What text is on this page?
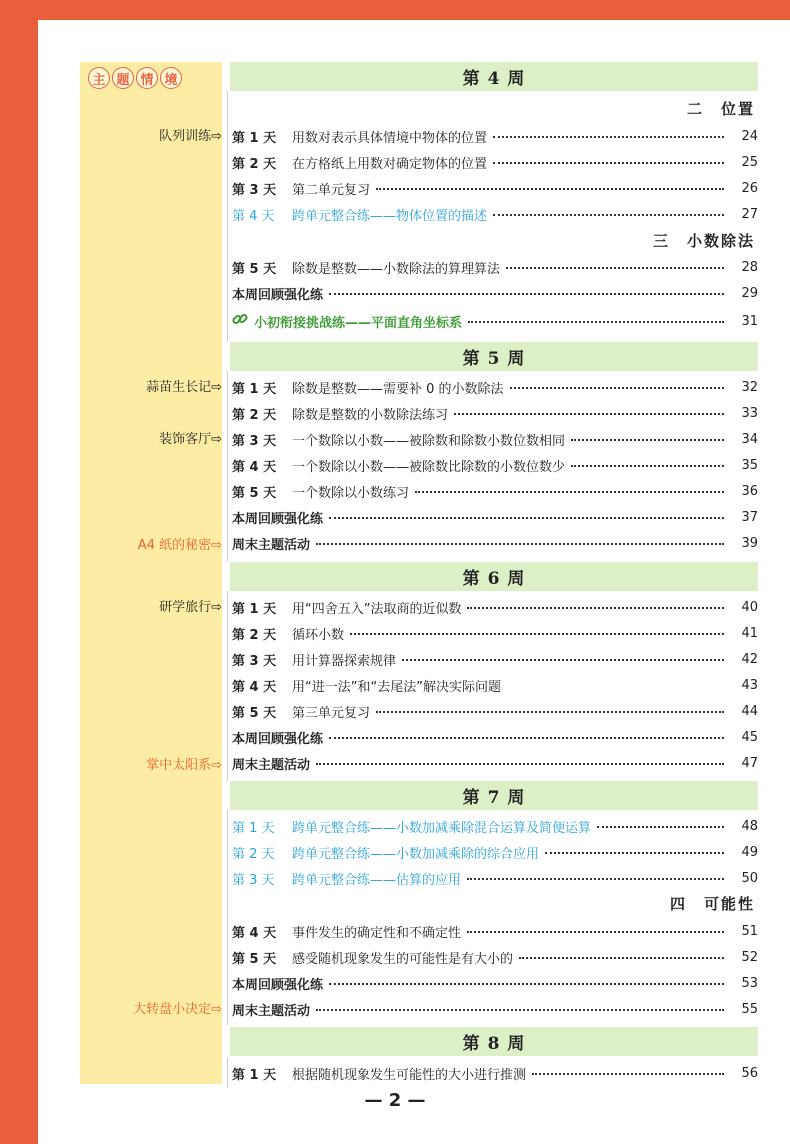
主 题 情 境	第 4 周
二　位置
队列训练⇨ 第 1 天	用数对表示具体情境中物体的位置	24
第 2 天	在方格纸上用数对确定物体的位置	25
第 3 天	第二单元复习	26
第 4 天	跨单元整合练——物体位置的描述	27
三　小数除法
第 5 天	除数是整数——小数除法的算理算法	28
本周回顾强化练	29
小初衔接挑战练——平面直角坐标系	31
第 5 周
蒜苗生长记⇨
装饰客厅⇨
A4 纸的秘密⇨
第 1 天	除数是整数——需要补 0 的小数除法	32
第 2 天	除数是整数的小数除法练习	33
第 3 天	一个数除以小数——被除数和除数小数位数相同	34
第 4 天	一个数除以小数——被除数比除数的小数位数少	35
第 5 天	一个数除以小数练习	36
本周回顾强化练	37
周末主题活动	39
第 6 周
研学旅行⇨
掌中太阳系⇨
第 1 天	用“四舍五入”法取商的近似数	40
第 2 天	循环小数	41
第 3 天	用计算器探索规律	42
第 4 天	用“进一法”和“去尾法”解决实际问题	43
第 5 天	第三单元复习	44
本周回顾强化练	45
周末主题活动	47
第 7 周
第 1 天	跨单元整合练——小数加减乘除混合运算及简便运算	48
第 2 天	跨单元整合练——小数加减乘除的综合应用	49
第 3 天	跨单元整合练——估算的应用	50
四　可能性
第 4 天	事件发生的确定性和不确定性	51
第 5 天	感受随机现象发生的可能性是有大小的	52
本周回顾强化练	53
大转盘小决定⇨ 周末主题活动	55
第 8 周
第 1 天	根据随机现象发生可能性的大小进行推测	56
— 2 —
